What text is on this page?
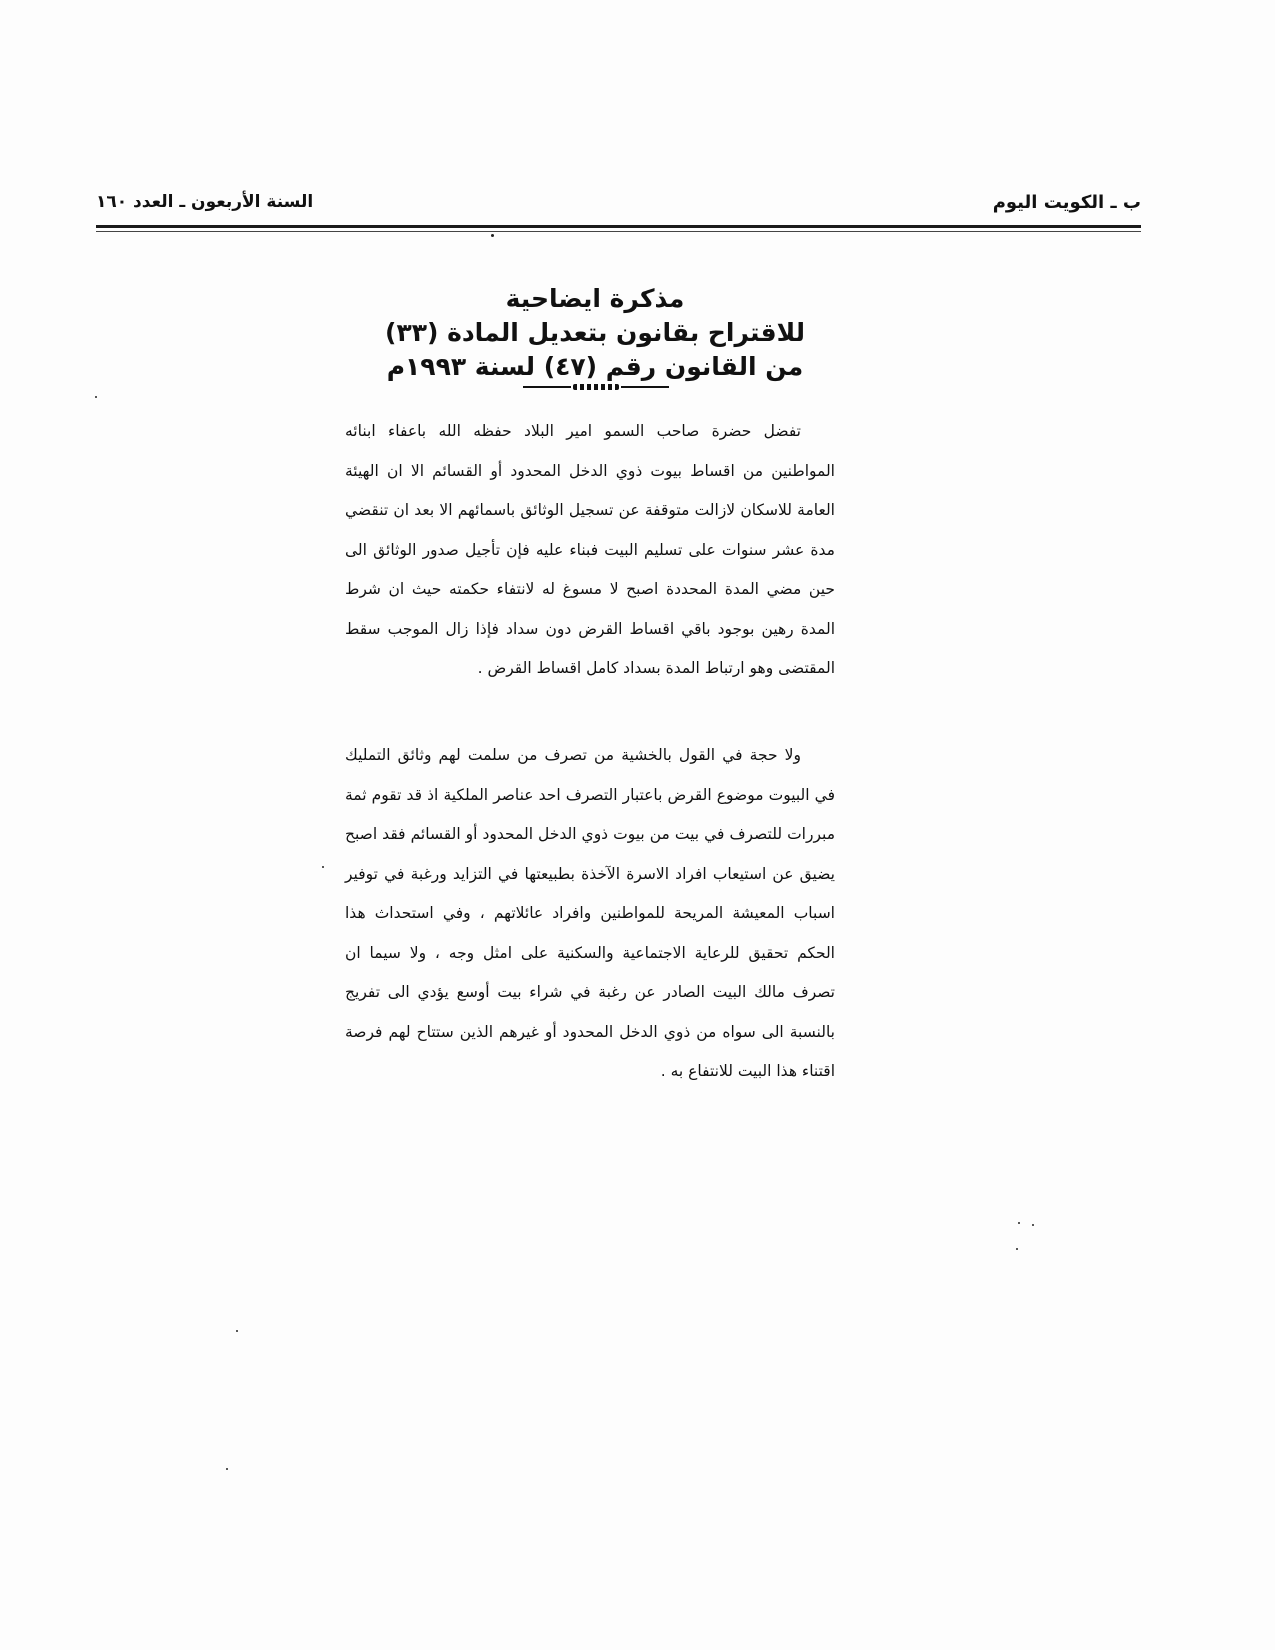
ب ـ الكويت اليوم
السنة الأربعون ـ العدد ١٦٠
مذكرة ايضاحية
للاقتراح بقانون بتعديل المادة (٣٣)
من القانون رقم (٤٧) لسنة ١٩٩٣م
تفضل حضرة صاحب السمو امير البلاد حفظه الله باعفاء ابنائه المواطنين من اقساط بيوت ذوي الدخل المحدود أو القسائم الا ان الهيئة العامة للاسكان لازالت متوقفة عن تسجيل الوثائق باسمائهم الا بعد ان تنقضي مدة عشر سنوات على تسليم البيت فبناء عليه فإن تأجيل صدور الوثائق الى حين مضي المدة المحددة اصبح لا مسوغ له لانتفاء حكمته حيث ان شرط المدة رهين بوجود باقي اقساط القرض دون سداد فإذا زال الموجب سقط المقتضى وهو ارتباط المدة بسداد كامل اقساط القرض .
ولا حجة في القول بالخشية من تصرف من سلمت لهم وثائق التمليك في البيوت موضوع القرض باعتبار التصرف احد عناصر الملكية اذ قد تقوم ثمة مبررات للتصرف في بيت من بيوت ذوي الدخل المحدود أو القسائم فقد اصبح يضيق عن استيعاب افراد الاسرة الآخذة بطبيعتها في التزايد ورغبة في توفير اسباب المعيشة المريحة للمواطنين وافراد عائلاتهم ، وفي استحداث هذا الحكم تحقيق للرعاية الاجتماعية والسكنية على امثل وجه ، ولا سيما ان تصرف مالك البيت الصادر عن رغبة في شراء بيت أوسع يؤدي الى تفريج بالنسبة الى سواه من ذوي الدخل المحدود أو غيرهم الذين ستتاح لهم فرصة اقتناء هذا البيت للانتفاع به .
